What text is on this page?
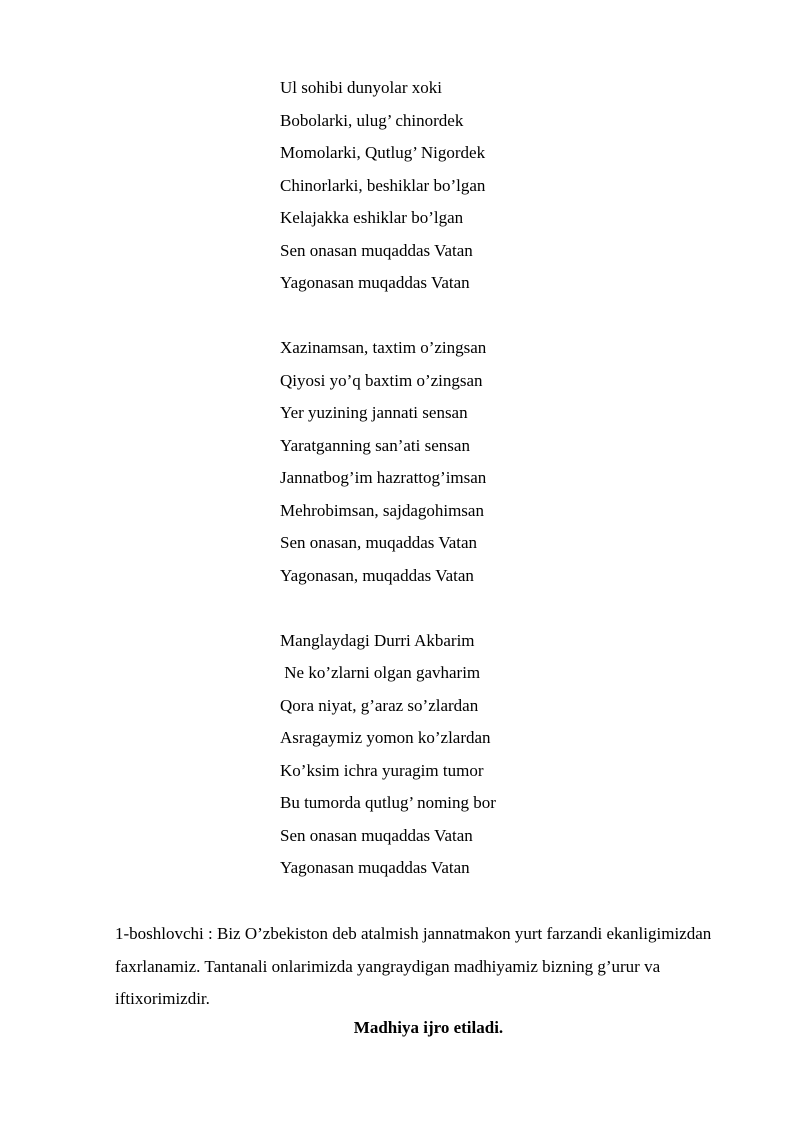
Ul sohibi dunyolar xoki
Bobolarki, ulug’ chinordek
Momolarki, Qutlug’ Nigordek
Chinorlarki, beshiklar bo’lgan
Kelajakka eshiklar bo’lgan
Sen onasan muqaddas Vatan
Yagonasan muqaddas Vatan
Xazinamsan, taxtim o’zingsan
Qiyosi yo’q baxtim o’zingsan
Yer yuzining jannati sensan
Yaratganning san’ati sensan
Jannatbog’im hazrattog’imsan
Mehrobimsan, sajdagohimsan
Sen onasan, muqaddas Vatan
Yagonasan, muqaddas Vatan
Manglaydagi Durri Akbarim
Ne ko’zlarni olgan gavharim
Qora niyat, g’araz so’zlardan
Asragaymiz yomon ko’zlardan
Ko’ksim ichra yuragim tumor
Bu tumorda qutlug’ noming bor
Sen onasan muqaddas Vatan
Yagonasan muqaddas Vatan

1-boshlovchi : Biz O’zbekiston deb atalmish jannatmakon yurt farzandi ekanligimizdan faxrlanamiz. Tantanali onlarimizda yangraydigan madhiyamiz bizning g’urur va iftixorimizdir.

Madhiya ijro etiladi.
